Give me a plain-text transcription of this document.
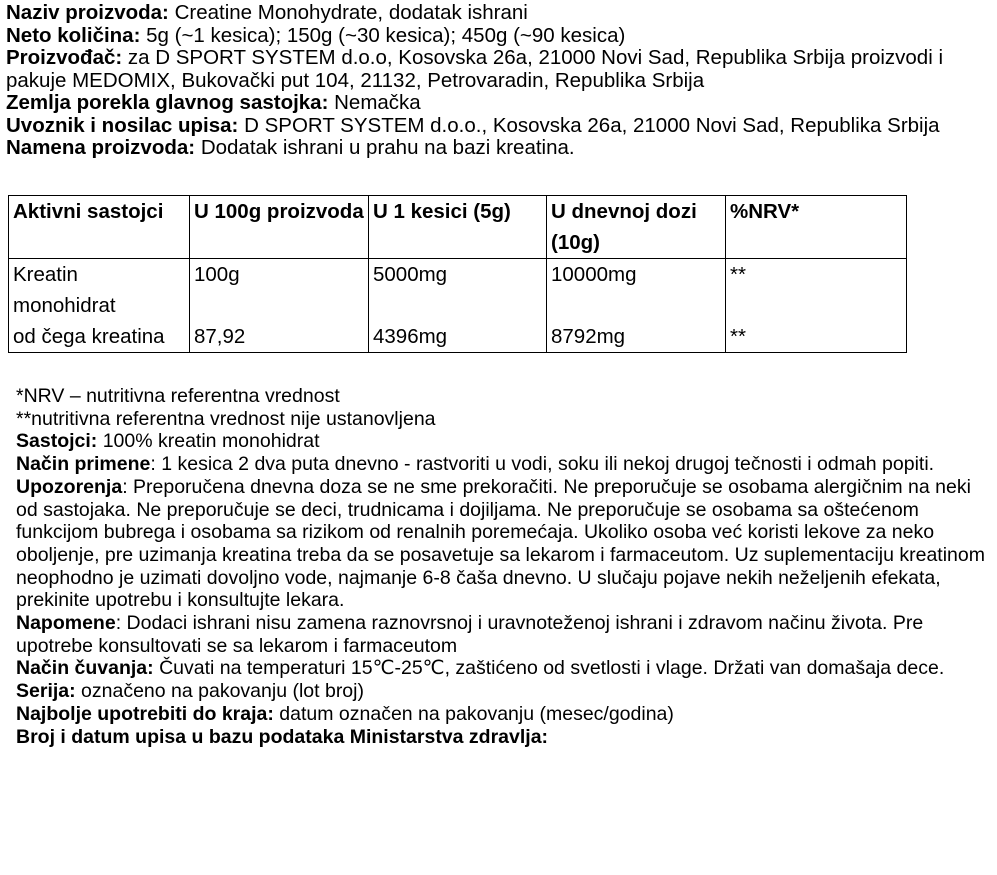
Naziv proizvoda: Creatine Monohydrate, dodatak ishrani

Neto količina: 5g (~1 kesica); 150g (~30 kesica); 450g (~90 kesica)

Proizvođač: za D SPORT SYSTEM d.o.o, Kosovska 26a, 21000 Novi Sad, Republika Srbija proizvodi i pakuje MEDOMIX, Bukovački put 104, 21132, Petrovaradin, Republika Srbija

Zemlja porekla glavnog sastojka: Nemačka

Uvoznik i nosilac upisa: D SPORT SYSTEM d.o.o., Kosovska 26a, 21000 Novi Sad, Republika Srbija

Namena proizvoda: Dodatak ishrani u prahu na bazi kreatina.

Aktivni sastojci	U 100g proizvoda	U 1 kesici (5g)	U dnevnoj dozi (10g)	%NRV*
Kreatin monohidrat	100g	5000mg	10000mg	**
od čega kreatina	87,92	4396mg	8792mg	**

*NRV – nutritivna referentna vrednost

**nutritivna referentna vrednost nije ustanovljena

Sastojci: 100% kreatin monohidrat

Način primene: 1 kesica 2 dva puta dnevno - rastvoriti u vodi, soku ili nekoj drugoj tečnosti i odmah popiti.

Upozorenja: Preporučena dnevna doza se ne sme prekoračiti. Ne preporučuje se osobama alergičnim na neki od sastojaka. Ne preporučuje se deci, trudnicama i dojiljama. Ne preporučuje se osobama sa oštećenom funkcijom bubrega i osobama sa rizikom od renalnih poremećaja. Ukoliko osoba već koristi lekove za neko oboljenje, pre uzimanja kreatina treba da se posavetuje sa lekarom i farmaceutom. Uz suplementaciju kreatinom neophodno je uzimati dovoljno vode, najmanje 6-8 čaša dnevno. U slučaju pojave nekih neželjenih efekata, prekinite upotrebu i konsultujte lekara.

Napomene: Dodaci ishrani nisu zamena raznovrsnoj i uravnoteženoj ishrani i zdravom načinu života. Pre upotrebe konsultovati se sa lekarom i farmaceutom

Način čuvanja: Čuvati na temperaturi 15℃-25℃, zaštićeno od svetlosti i vlage. Držati van domašaja dece.

Serija: označeno na pakovanju (lot broj)

Najbolje upotrebiti do kraja: datum označen na pakovanju (mesec/godina)

Broj i datum upisa u bazu podataka Ministarstva zdravlja:
